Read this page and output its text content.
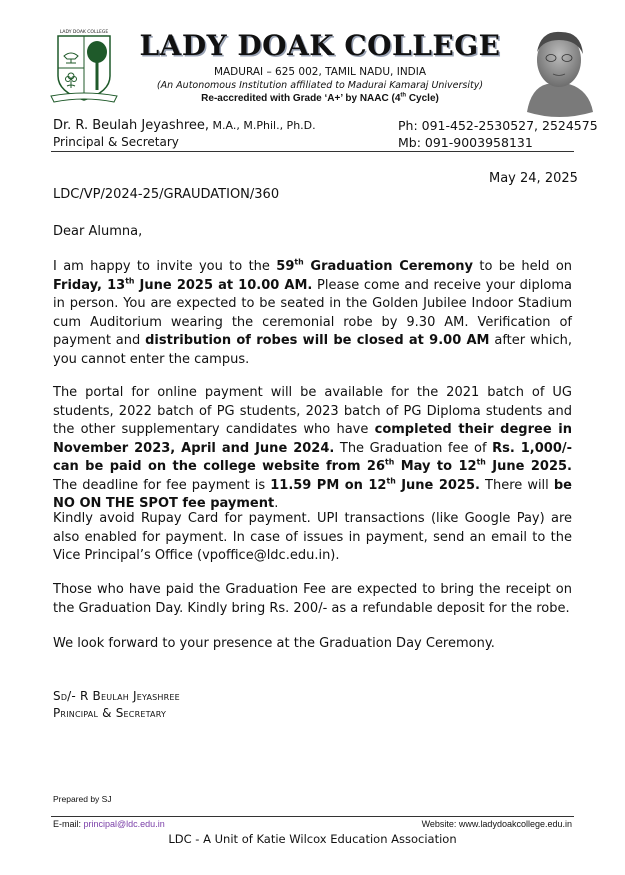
LADY DOAK COLLEGE	LADY DOAK COLLEGE
MADURAI – 625 002, TAMIL NADU, INDIA
(An Autonomous Institution affiliated to Madurai Kamaraj University)
Re-accredited with Grade ‘A+’ by NAAC (4th Cycle)
Dr. R. Beulah Jeyashree, M.A., M.Phil., Ph.D.
Principal & Secretary
Ph: 091-452-2530527, 2524575
Mb: 091-9003958131
May 24, 2025
LDC/VP/2024-25/GRAUDATION/360
Dear Alumna,
I am happy to invite you to the 59th Graduation Ceremony to be held on Friday, 13th June 2025 at 10.00 AM. Please come and receive your diploma in person. You are expected to be seated in the Golden Jubilee Indoor Stadium cum Auditorium wearing the ceremonial robe by 9.30 AM. Verification of payment and distribution of robes will be closed at 9.00 AM after which, you cannot enter the campus.
The portal for online payment will be available for the 2021 batch of UG students, 2022 batch of PG students, 2023 batch of PG Diploma students and the other supplementary candidates who have completed their degree in November 2023, April and June 2024. The Graduation fee of Rs. 1,000/- can be paid on the college website from 26th May to 12th June 2025. The deadline for fee payment is 11.59 PM on 12th June 2025. There will be NO ON THE SPOT fee payment.
Kindly avoid Rupay Card for payment. UPI transactions (like Google Pay) are also enabled for payment. In case of issues in payment, send an email to the Vice Principal’s Office (vpoffice@ldc.edu.in).
Those who have paid the Graduation Fee are expected to bring the receipt on the Graduation Day. Kindly bring Rs. 200/- as a refundable deposit for the robe.
We look forward to your presence at the Graduation Day Ceremony.
Sd/- R Beulah Jeyashree
Principal & Secretary
Prepared by SJ
E-mail: principal@ldc.edu.in	Website: www.ladydoakcollege.edu.in
LDC - A Unit of Katie Wilcox Education Association
